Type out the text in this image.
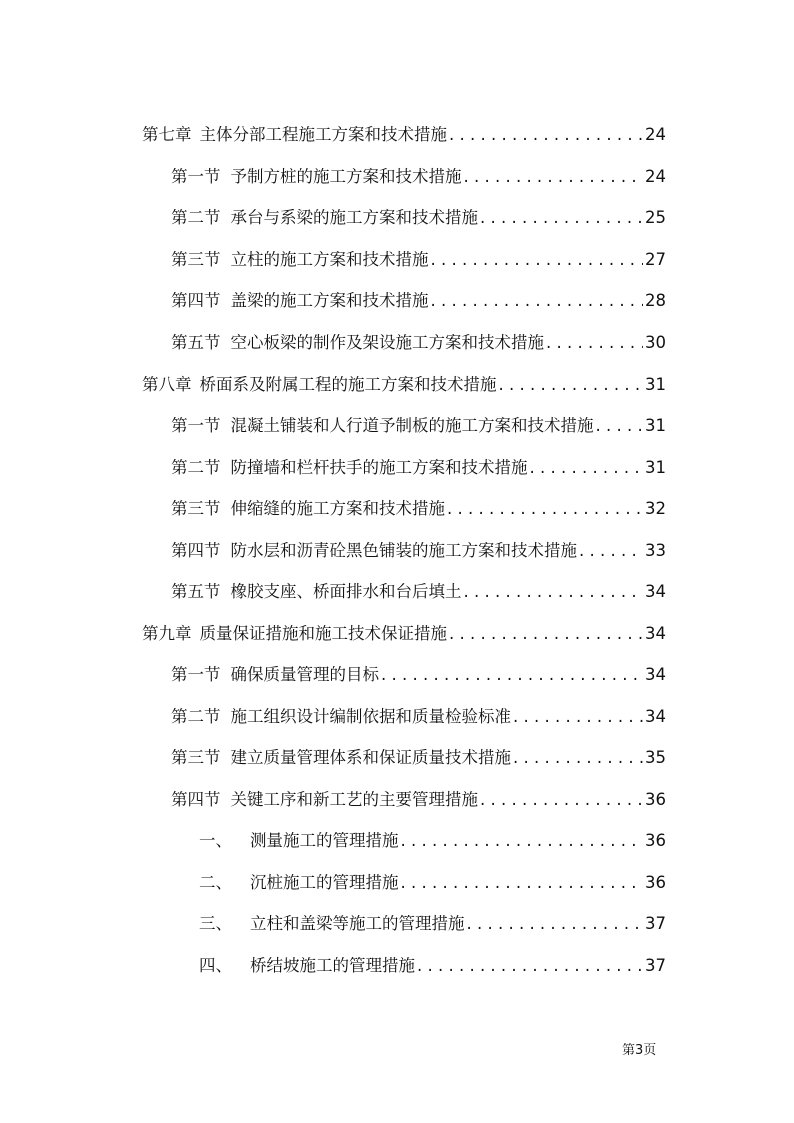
第七章 主体分部工程施工方案和技术措施 . . .	24
第一节 予制方桩的施工方案和技术措施 . . .	24
第二节 承台与系梁的施工方案和技术措施 . . .	25
第三节 立柱的施工方案和技术措施 . . .	27
第四节 盖梁的施工方案和技术措施 . . .	28
第五节 空心板梁的制作及架设施工方案和技术措施 . . .	30
第八章 桥面系及附属工程的施工方案和技术措施 . . .	31
第一节 混凝土铺装和人行道予制板的施工方案和技术措施 . . .	31
第二节 防撞墙和栏杆扶手的施工方案和技术措施 . . .	31
第三节 伸缩缝的施工方案和技术措施 . . .	32
第四节 防水层和沥青砼黑色铺装的施工方案和技术措施 . . .	33
第五节 橡胶支座、桥面排水和台后填土 . . .	34
第九章 质量保证措施和施工技术保证措施 . . .	34
第一节 确保质量管理的目标 . . .	34
第二节 施工组织设计编制依据和质量检验标准 . . .	34
第三节 建立质量管理体系和保证质量技术措施 . . .	35
第四节 关键工序和新工艺的主要管理措施 . . .	36
一、 测量施工的管理措施 . . .	36
二、 沉桩施工的管理措施 . . .	36
三、 立柱和盖梁等施工的管理措施 . . .	37
四、 桥结坡施工的管理措施 . . .	37
第3页
